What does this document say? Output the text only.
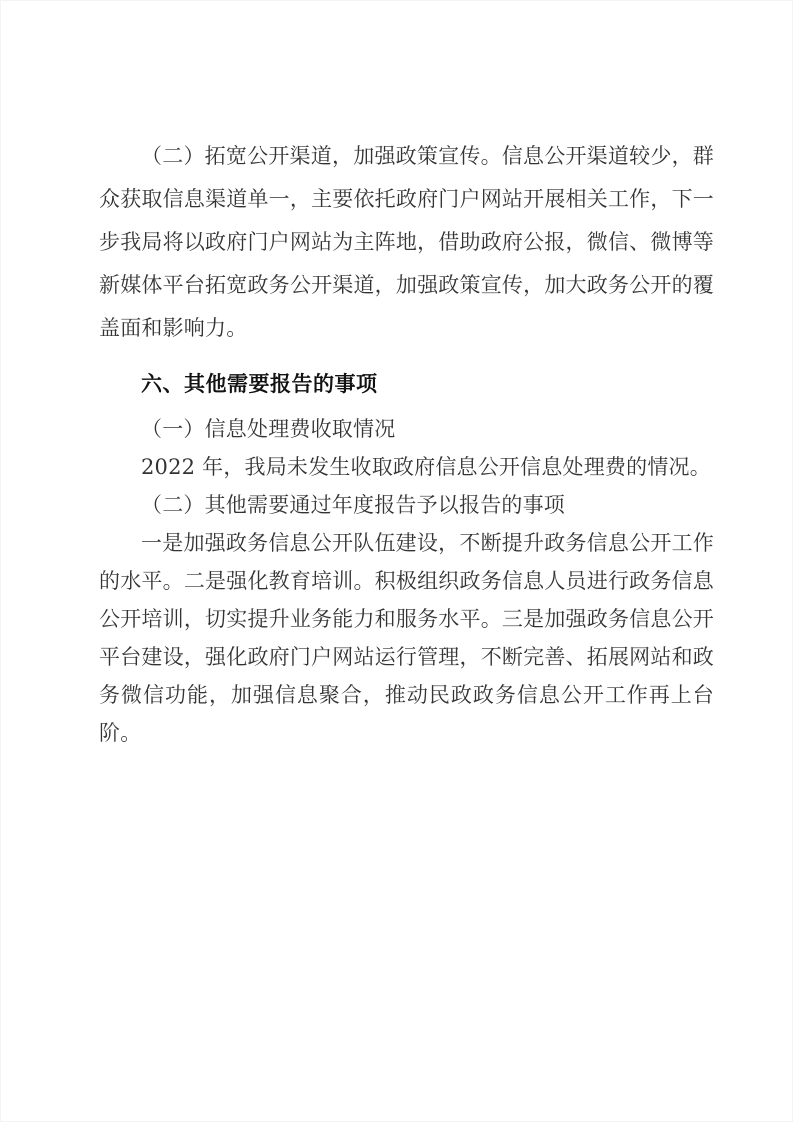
（二）拓宽公开渠道，加强政策宣传。信息公开渠道较少，群众获取信息渠道单一，主要依托政府门户网站开展相关工作，下一步我局将以政府门户网站为主阵地，借助政府公报，微信、微博等新媒体平台拓宽政务公开渠道，加强政策宣传，加大政务公开的覆盖面和影响力。

六、其他需要报告的事项

（一）信息处理费收取情况

2022 年，我局未发生收取政府信息公开信息处理费的情况。

（二）其他需要通过年度报告予以报告的事项

一是加强政务信息公开队伍建设，不断提升政务信息公开工作的水平。二是强化教育培训。积极组织政务信息人员进行政务信息公开培训，切实提升业务能力和服务水平。三是加强政务信息公开平台建设，强化政府门户网站运行管理，不断完善、拓展网站和政务微信功能，加强信息聚合，推动民政政务信息公开工作再上台阶。
